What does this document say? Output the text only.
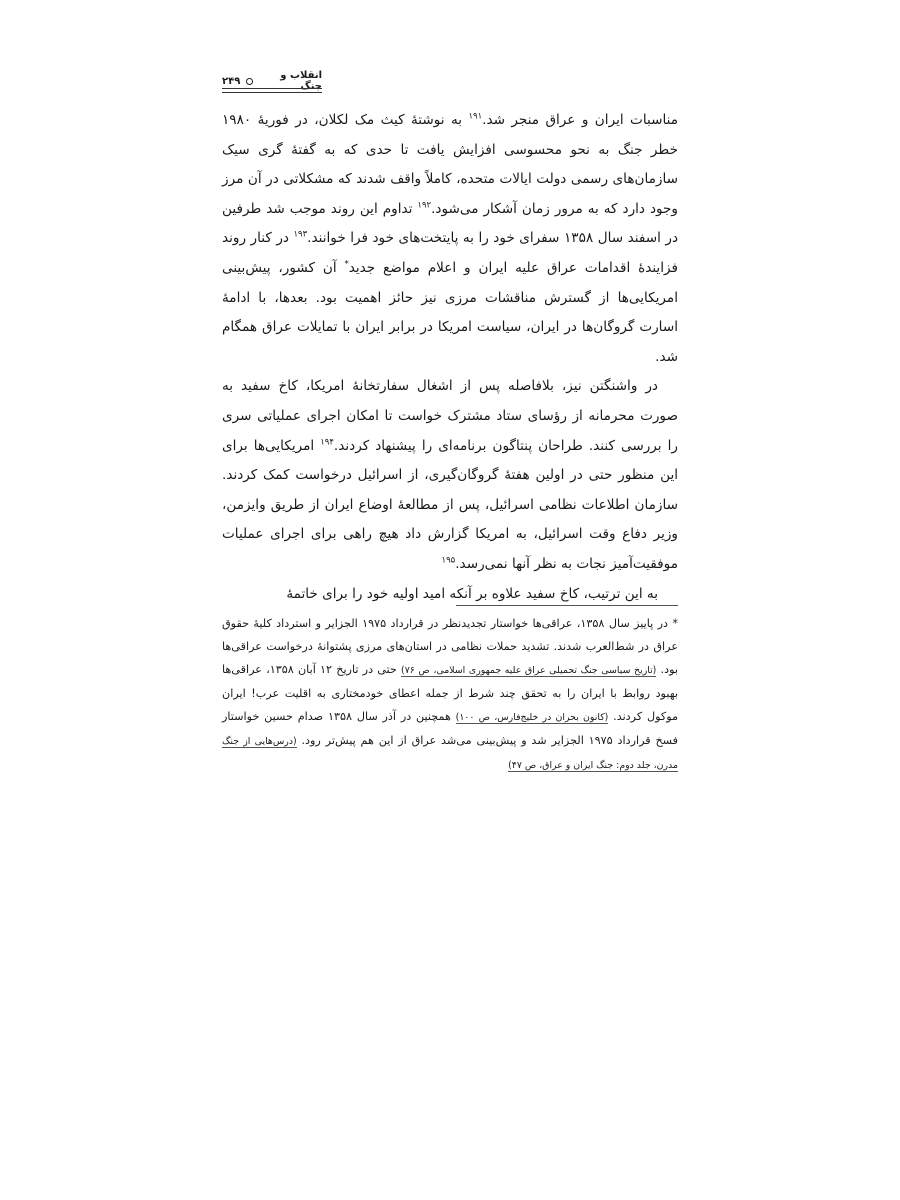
انقلاب و جنگ
۲۴۹

مناسبات ایران و عراق منجر شد.$^{۱۹۱}$ به نوشتهٔ کیث مک لکلان، در فوریهٔ ۱۹۸۰ خطر جنگ به نحو محسوسی افزایش یافت تا حدی که به گفتهٔ گری سیک سازمان‌های رسمی دولت ایالات متحده، کاملاً واقف شدند که مشکلاتی در آن مرز وجود دارد که به مرور زمان آشکار می‌شود.$^{۱۹۲}$ تداوم این روند موجب شد طرفین در اسفند سال ۱۳۵۸ سفرای خود را به پایتخت‌های خود فرا خوانند.$^{۱۹۳}$ در کنار روند فزایندهٔ اقدامات عراق علیه ایران و اعلام مواضع جدید* آن کشور، پیش‌بینی امریکایی‌ها از گسترش مناقشات مرزی نیز حائز اهمیت بود. بعدها، با ادامهٔ اسارت گروگان‌ها در ایران، سیاست امریکا در برابر ایران با تمایلات عراق همگام شد.

در واشنگتن نیز، بلافاصله پس از اشغال سفارتخانهٔ امریکا، کاخ سفید به صورت محرمانه از رؤسای ستاد مشترک خواست تا امکان اجرای عملیاتی سری را بررسی کنند. طراحان پنتاگون برنامه‌ای را پیشنهاد کردند.$^{۱۹۴}$ امریکایی‌ها برای این منظور حتی در اولین هفتهٔ گروگان‌گیری، از اسرائیل درخواست کمک کردند. سازمان اطلاعات نظامی اسرائیل، پس از مطالعهٔ اوضاع ایران از طریق وایزمن، وزیر دفاع وقت اسرائیل، به امریکا گزارش داد هیچ راهی برای اجرای عملیات موفقیت‌آمیز نجات به نظر آنها نمی‌رسد.$^{۱۹۵}$

به این ترتیب، کاخ سفید علاوه بر آنکه امید اولیه خود را برای خاتمهٔ

* در پاییز سال ۱۳۵۸، عراقی‌ها خواستار تجدیدنظر در قرارداد ۱۹۷۵ الجزایر و استرداد کلیهٔ حقوق عراق در شط‌العرب شدند. تشدید حملات نظامی در استان‌های مرزی پشتوانهٔ درخواست عراقی‌ها بود. (تاریخ سیاسی جنگ تحمیلی عراق علیه جمهوری اسلامی، ص ۷۶) حتی در تاریخ ۱۲ آبان ۱۳۵۸، عراقی‌ها بهبود روابط با ایران را به تحقق چند شرط از جمله اعطای خودمختاری به اقلیت عرب! ایران موکول کردند. (کانون بحران در خلیج‌فارس، ص ۱۰۰) همچنین در آذر سال ۱۳۵۸ صدام حسین خواستار فسخ قرارداد ۱۹۷۵ الجزایر شد و پیش‌بینی می‌شد عراق از این هم پیش‌تر رود. (درس‌هایی از جنگ مدرن، جلد دوم: جنگ ایران و عراق، ص ۴۷)
